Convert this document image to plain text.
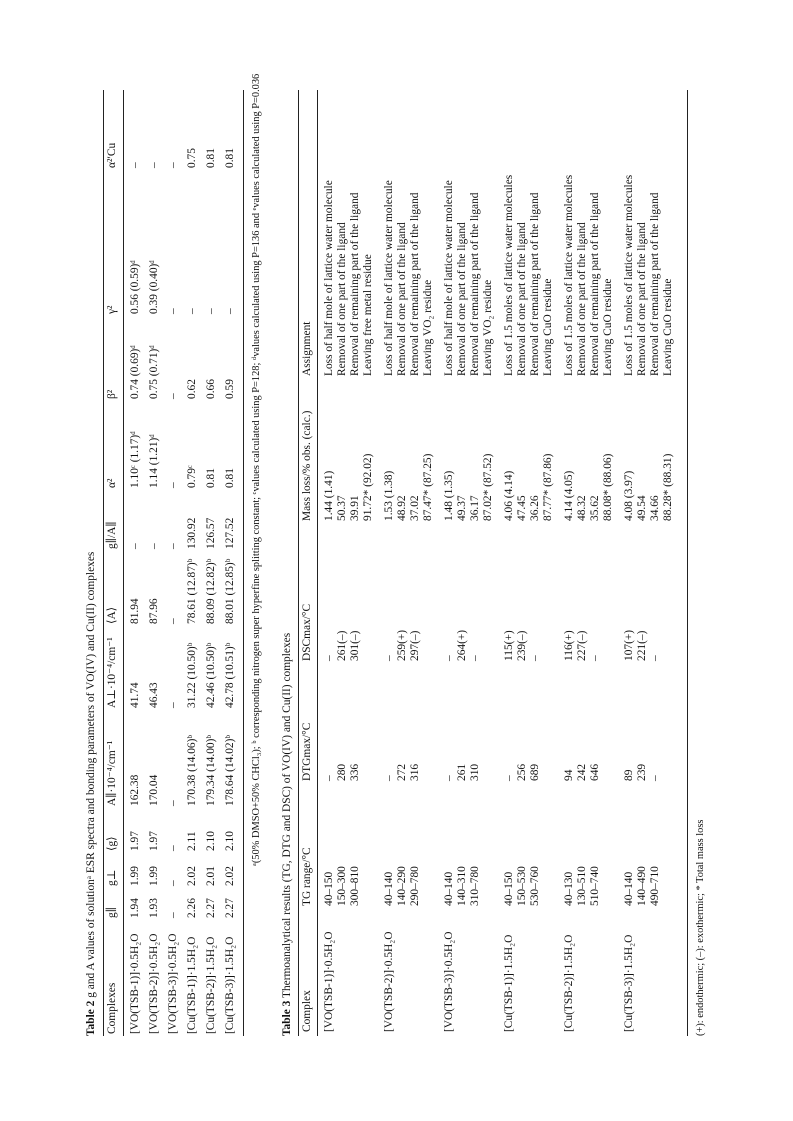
Table 2 g and A values of solutionᵃ ESR spectra and bonding parameters of VO(IV) and Cu(II) complexes
Complexes
g∥
g⊥
⟨g⟩
A∥·10⁻⁴/cm⁻¹
A⊥·10⁻⁴/cm⁻¹
⟨A⟩
g∥/A∥
α²
β²
γ²
α²′Cu
[VO(TSB-1)]·0.5H₂O
1.94
1.99
1.97
162.38
41.74
81.94
–
1.10ᶜ (1.17)ᵈ
0.74 (0.69)ᵈ
0.56 (0.59)ᵈ
–
[VO(TSB-2)]·0.5H₂O
1.93
1.99
1.97
170.04
46.43
87.96
–
1.14 (1.21)ᵈ
0.75 (0.71)ᵈ
0.39 (0.40)ᵈ
–
[VO(TSB-3)]·0.5H₂O
–
–
–
–
–
–
–
–
–
–
–
[Cu(TSB-1)]·1.5H₂O
2.26
2.02
2.11
170.38 (14.06)ᵇ
31.22 (10.50)ᵇ
78.61 (12.87)ᵇ
130.92
0.79ᶜ
0.62
–
0.75
[Cu(TSB-2)]·1.5H₂O
2.27
2.01
2.10
179.34 (14.00)ᵇ
42.46 (10.50)ᵇ
88.09 (12.82)ᵇ
126.57
0.81
0.66
–
0.81
[Cu(TSB-3)]·1.5H₂O
2.27
2.02
2.10
178.64 (14.02)ᵇ
42.78 (10.51)ᵇ
88.01 (12.85)ᵇ
127.52
0.81
0.59
–
0.81 ᵃ(50% DMSO+50% CHCl₃); ᵇ corresponding nitrogen super hyperfine splitting constant; ᶜvalues calculated using P=128; ᵈvalues calculated using P=136 and ᵉvalues calculated using P=0.036
Table 3 Thermoanalytical results (TG, DTG and DSC) of VO(IV) and Cu(II) complexes
Complex
TG range/°C
DTGmax/°C
DSCmax/°C
Mass loss/% obs. (calc.)
Assignment
[VO(TSB-1)]·0.5H₂O
40–150 150–300 300–810
– 280 336
– 261(–) 301(–)
1.44 (1.41) 50.37 39.91 91.72* (92.02)
Loss of half mole of lattice water molecule Removal of one part of the ligand Removal of remaining part of the ligand Leaving free metal residue
[VO(TSB-2)]·0.5H₂O
40–140 140–290 290–780
– 272 316
– 259(+) 297(–)
1.53 (1.38) 48.92 37.02 87.47* (87.25)
Loss of half mole of lattice water molecule Removal of one part of the ligand Removal of remaining part of the ligand Leaving VO₂ residue
[VO(TSB-3)]·0.5H₂O
40–140 140–310 310–780
– 261 310
– 264(+) –
1.48 (1.35) 49.37 36.17 87.02* (87.52)
Loss of half mole of lattice water molecule Removal of one part of the ligand Removal of remaining part of the ligand Leaving VO₂ residue
[Cu(TSB-1)]·1.5H₂O
40–150 150–530 530–760
– 256 689
115(+) 239(–) –
4.06 (4.14) 47.45 36.26 87.77* (87.86)
Loss of 1.5 moles of lattice water molecules Removal of one part of the ligand Removal of remaining part of the ligand Leaving CuO residue
[Cu(TSB-2)]·1.5H₂O
40–130 130–510 510–740
94 242 646
116(+) 227(–) –
4.14 (4.05) 48.32 35.62 88.08* (88.06)
Loss of 1.5 moles of lattice water molecules Removal of one part of the ligand Removal of remaining part of the ligand Leaving CuO residue
[Cu(TSB-3)]·1.5H₂O
40–140 140–490 490–710
89 239 –
107(+) 221(–) –
4.08 (3.97) 49.54 34.66 88.28* (88.31)
Loss of 1.5 moles of lattice water molecules Removal of one part of the ligand Removal of remaining part of the ligand Leaving CuO residue
(+): endothermic; (–): exothermic; * Total mass loss
